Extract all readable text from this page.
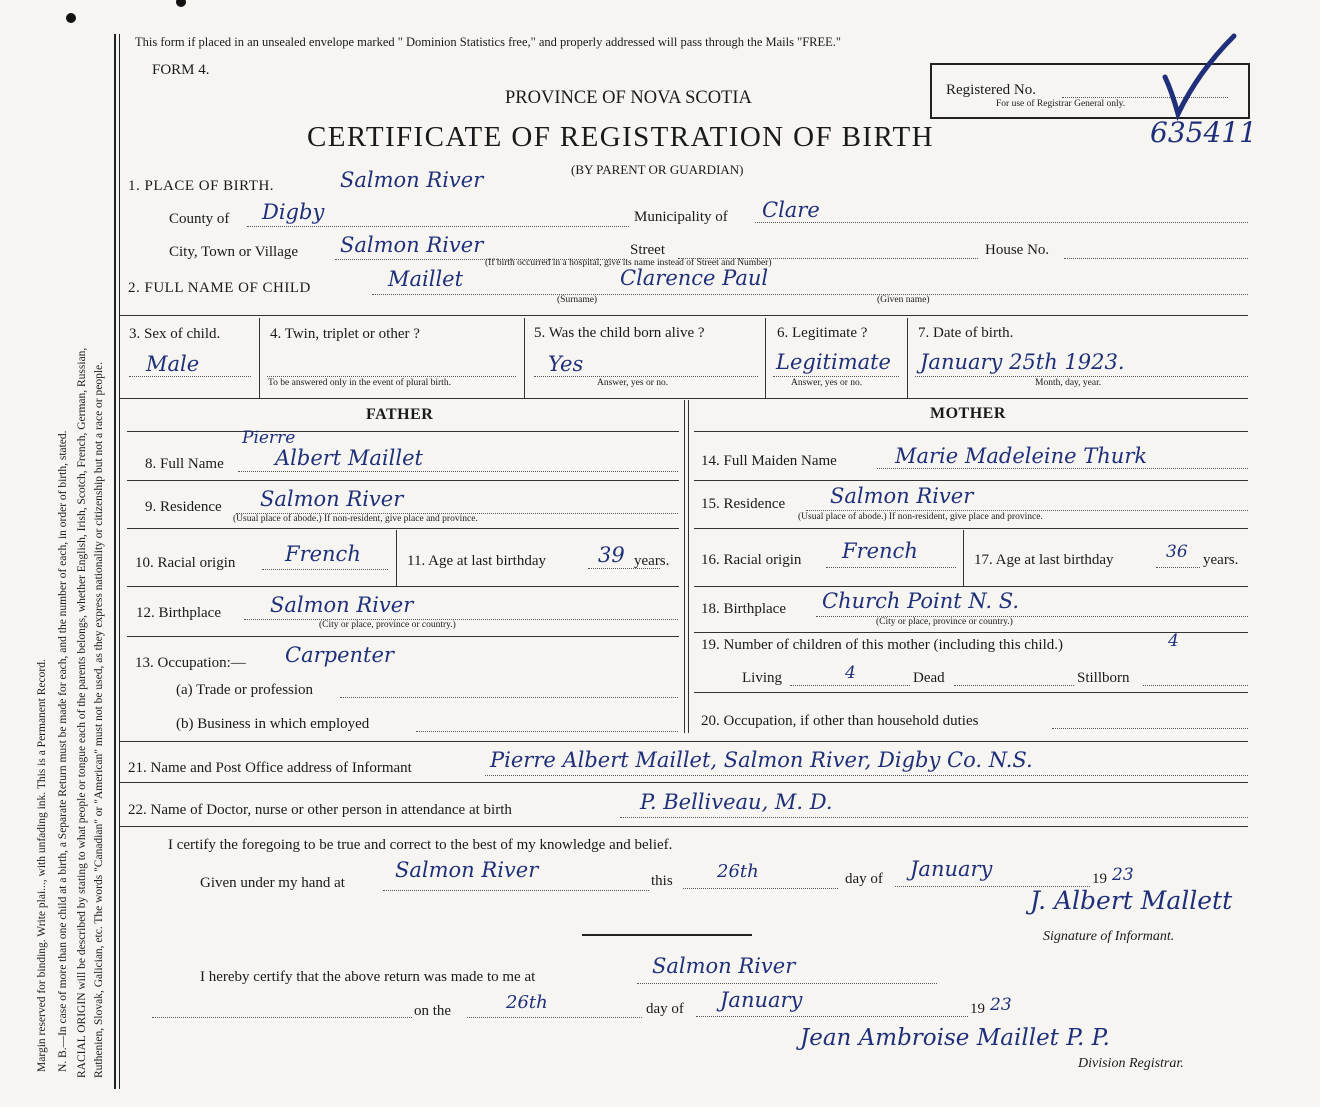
Margin reserved for binding. Write plai..., with unfading ink. This is a Permanent Record. N. B.—In case of more than one child at a birth, a Separate Return must be made for each, and the number of each, in order of birth, stated. RACIAL ORIGIN will be described by stating to what people or tongue each of the parents belongs, whether English, Irish, Scotch, French, German, Russian, Ruthenien, Slovak, Galician, etc. The words "Canadian" or "American" must not be used, as they express nationality or citizenship but not a race or people.
This form if placed in an unsealed envelope marked " Dominion Statistics free," and properly addressed will pass through the Mails "FREE."
FORM 4.
PROVINCE OF NOVA SCOTIA
CERTIFICATE OF REGISTRATION OF BIRTH	635411
(BY PARENT OR GUARDIAN)
Registered No.
For use of Registrar General only.
1. PLACE OF BIRTH.	Salmon River
County of Digby	Municipality of Clare
City, Town or Village Salmon River	Street	House No.
(If birth occurred in a hospital, give its name instead of Street and Number)
2. FULL NAME OF CHILD	Maillet	Clarence Paul
(Surname)	(Given name)
3. Sex of child.
Male
4. Twin, triplet or other ?
To be answered only in the event of plural birth.
5. Was the child born alive ?
Yes
Answer, yes or no.
6. Legitimate ?
Legitimate
Answer, yes or no.
7. Date of birth.
January 25th 1923.
Month, day, year.
FATHER
8. Full Name
Pierre
Albert Maillet
9. Residence Salmon River
(Usual place of abode.) If non-resident, give place and province.
10. Racial origin French	11. Age at last birthday 39 years.
12. Birthplace Salmon River
(City or place, province or country.)
13. Occupation:— Carpenter
(a) Trade or profession
(b) Business in which employed
MOTHER
14. Full Maiden Name	Marie Madeleine Thurk
15. Residence Salmon River
(Usual place of abode.) If non-resident, give place and province.
16. Racial origin French	17. Age at last birthday	36 years.
18. Birthplace Church Point N. S.
(City or place, province or country.)
19. Number of children of this mother (including this child.)	4
Living	4	Dead	Stillborn
20. Occupation, if other than household duties
21. Name and Post Office address of Informant	Pierre Albert Maillet, Salmon River, Digby Co. N.S.
22. Name of Doctor, nurse or other person in attendance at birth	P. Belliveau, M. D.
I certify the foregoing to be true and correct to the best of my knowledge and belief.
Given under my hand at
Salmon River	this 26th	day of January	19 23
J. Albert Mallett
Signature of Informant.
I hereby certify that the above return was made to me at	Salmon River
on the	26th	day of January	19 23
Jean Ambroise Maillet P. P.
Division Registrar.
